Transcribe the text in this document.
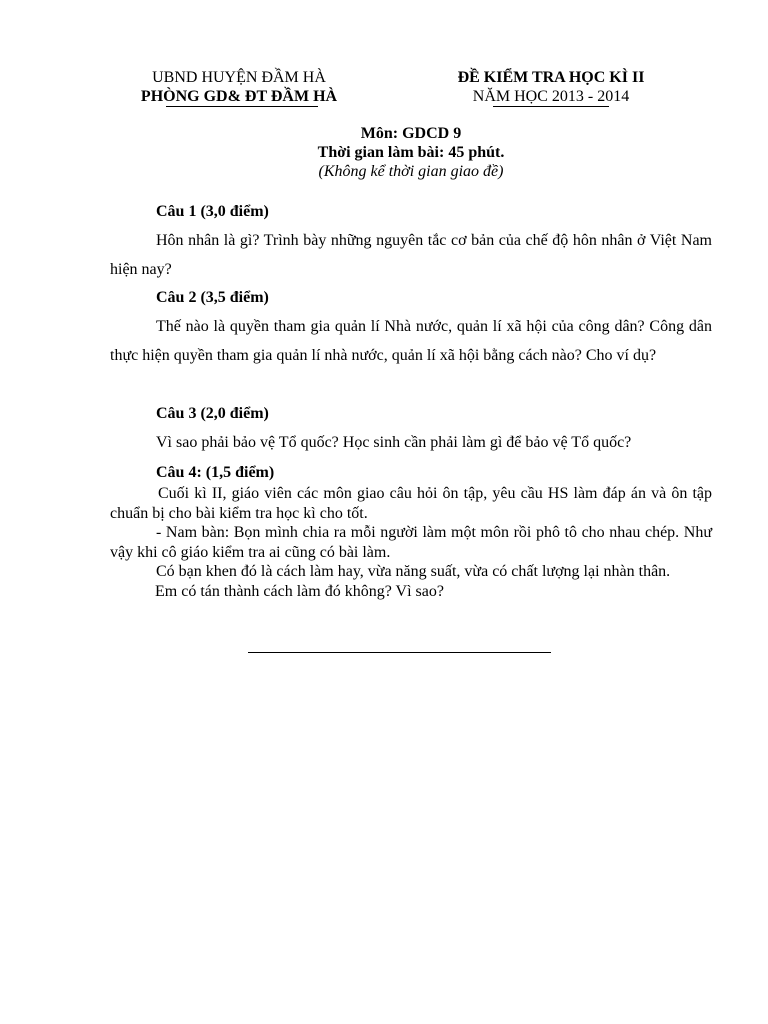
UBND HUYỆN ĐẦM HÀ
PHÒNG GD& ĐT ĐẦM HÀ
ĐỀ KIỂM TRA HỌC KÌ II
NĂM HỌC 2013 - 2014
Môn: GDCD 9
Thời gian làm bài: 45 phút.
(Không kể thời gian giao đề)
Câu 1 (3,0 điểm)
Hôn nhân là gì? Trình bày những nguyên tắc cơ bản của chế độ hôn nhân ở Việt Nam hiện nay?
Câu 2 (3,5 điểm)
Thế nào là quyền tham gia quản lí Nhà nước, quản lí xã hội của công dân? Công dân thực hiện quyền tham gia quản lí nhà nước, quản lí xã hội bằng cách nào? Cho ví dụ?
Câu 3 (2,0 điểm)
Vì sao phải bảo vệ Tổ quốc? Học sinh cần phải làm gì để bảo vệ Tổ quốc?
Câu 4: (1,5 điểm)

Cuối kì II, giáo viên các môn giao câu hỏi ôn tập, yêu cầu HS làm đáp án và ôn tập chuẩn bị cho bài kiểm tra học kì cho tốt.

- Nam bàn: Bọn mình chia ra mỗi người làm một môn rồi phô tô cho nhau chép. Như vậy khi cô giáo kiểm tra ai cũng có bài làm.

Có bạn khen đó là cách làm hay, vừa năng suất, vừa có chất lượng lại nhàn thân.

Em có tán thành cách làm đó không? Vì sao?
